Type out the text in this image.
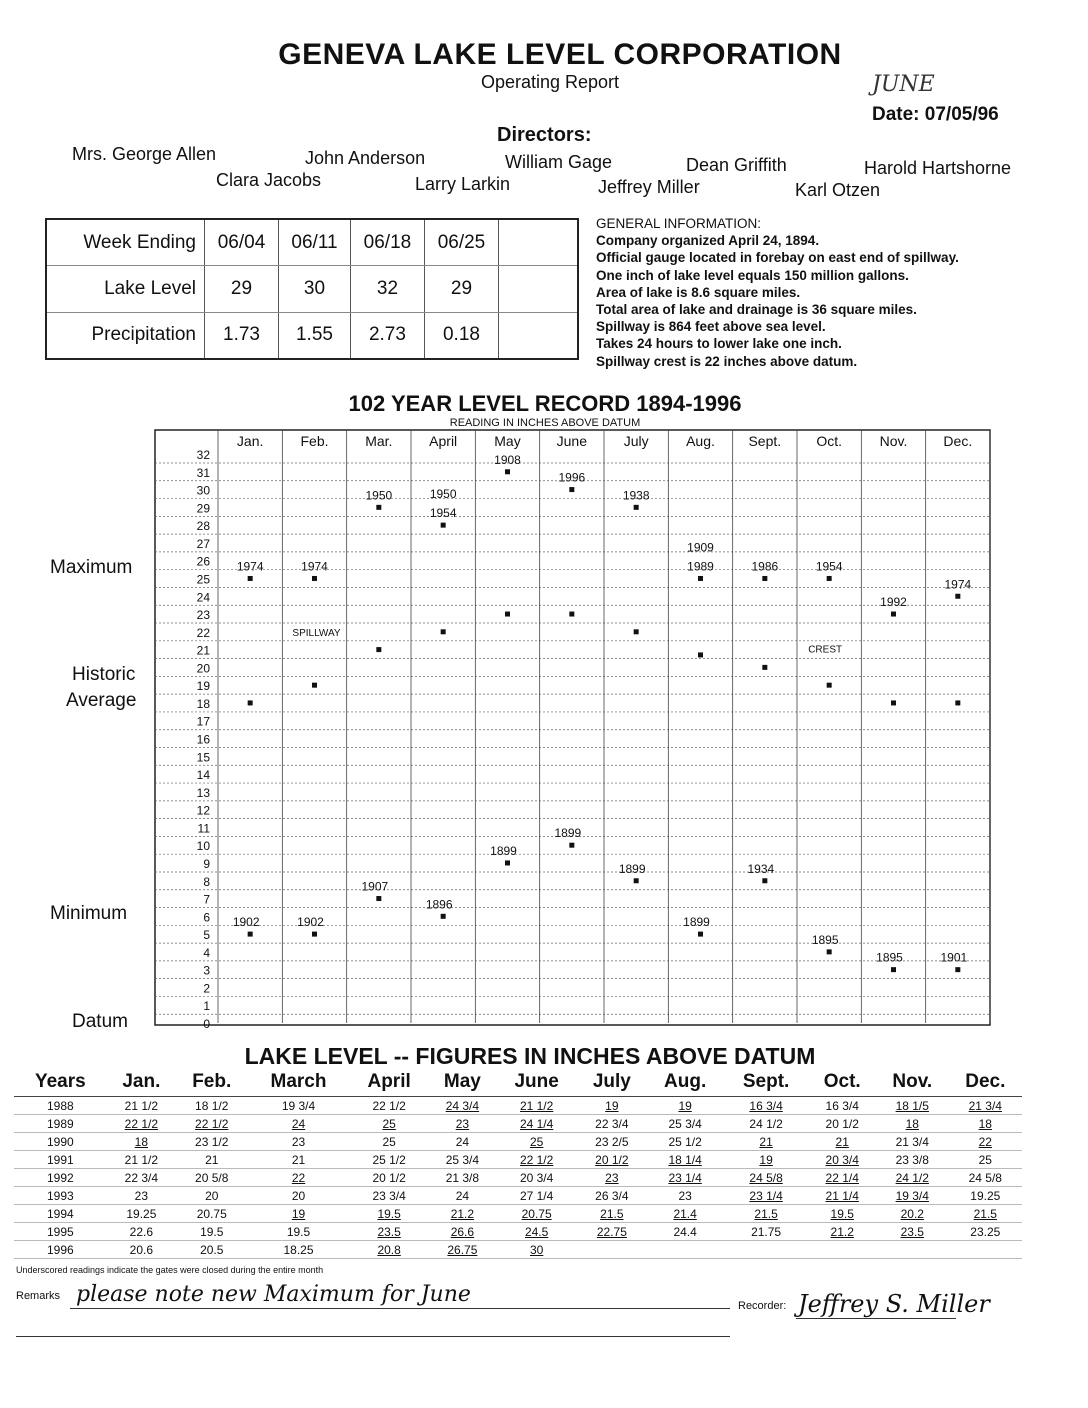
GENEVA LAKE LEVEL CORPORATION
Operating Report	JUNE
Date: 07/05/96
Directors:
Mrs. George Allen	John Anderson	William Gage	Dean Griffith	Harold Hartshorne
Clara Jacobs	Larry Larkin	Jeffrey Miller	Karl Otzen
Week Ending	06/04	06/11	06/18	06/25	
Lake Level	29	30	32	29	
Precipitation	1.73	1.55	2.73	0.18	
GENERAL INFORMATION:
Company organized April 24, 1894.
Official gauge located in forebay on east end of spillway.
One inch of lake level equals 150 million gallons.
Area of lake is 8.6 square miles.
Total area of lake and drainage is 36 square miles.
Spillway is 864 feet above sea level.
Takes 24 hours to lower lake one inch.
Spillway crest is 22 inches above datum.
102 YEAR LEVEL RECORD 1894-1996
READING IN INCHES ABOVE DATUM
Maximum
Historic
Average
Minimum
Datum
Jan.	Feb.	Mar.	April	May	June	July	Aug. Sept.	Oct.	Nov.	Dec.
0
1
2
3
4
5
6
7
8
9
10
11
12
13
14
15
16
17
18
19
20
21
22
23
24
25
26
27
28
29
30
31
32
SPILLWAY
CREST
1974	1974
1950
1954
1950
1908
1996
1938
1989
1909
1986	1954
1992
1974
1902	1902
1907
1896
1899
1899
1899
1899
1934
1895
1895	1901
LAKE LEVEL -- FIGURES IN INCHES ABOVE DATUM
Years	Jan.	Feb.	March	April	May	June	July	Aug.	Sept.	Oct.	Nov.	Dec.
1988	21 1/2	18 1/2	19 3/4	22 1/2	24 3/4	21 1/2	19	19	16 3/4	16 3/4	18 1/5	21 3/4
1989	22 1/2	22 1/2	24	25	23	24 1/4	22 3/4	25 3/4	24 1/2	20 1/2	18	18
1990	18	23 1/2	23	25	24	25	23 2/5	25 1/2	21	21	21 3/4	22
1991	21 1/2	21	21	25 1/2	25 3/4	22 1/2	20 1/2	18 1/4	19	20 3/4	23 3/8	25
1992	22 3/4	20 5/8	22	20 1/2	21 3/8	20 3/4	23	23 1/4	24 5/8	22 1/4	24 1/2	24 5/8
1993	23	20	20	23 3/4	24	27 1/4	26 3/4	23	23 1/4	21 1/4	19 3/4	19.25
1994	19.25	20.75	19	19.5	21.2	20.75	21.5	21.4	21.5	19.5	20.2	21.5
1995	22.6	19.5	19.5	23.5	26.6	24.5	22.75	24.4	21.75	21.2	23.5	23.25
1996	20.6	20.5	18.25	20.8	26.75	30						
Underscored readings indicate the gates were closed during the entire month
Remarks please note new Maximum for June	Recorder: Jeffrey S. Miller
